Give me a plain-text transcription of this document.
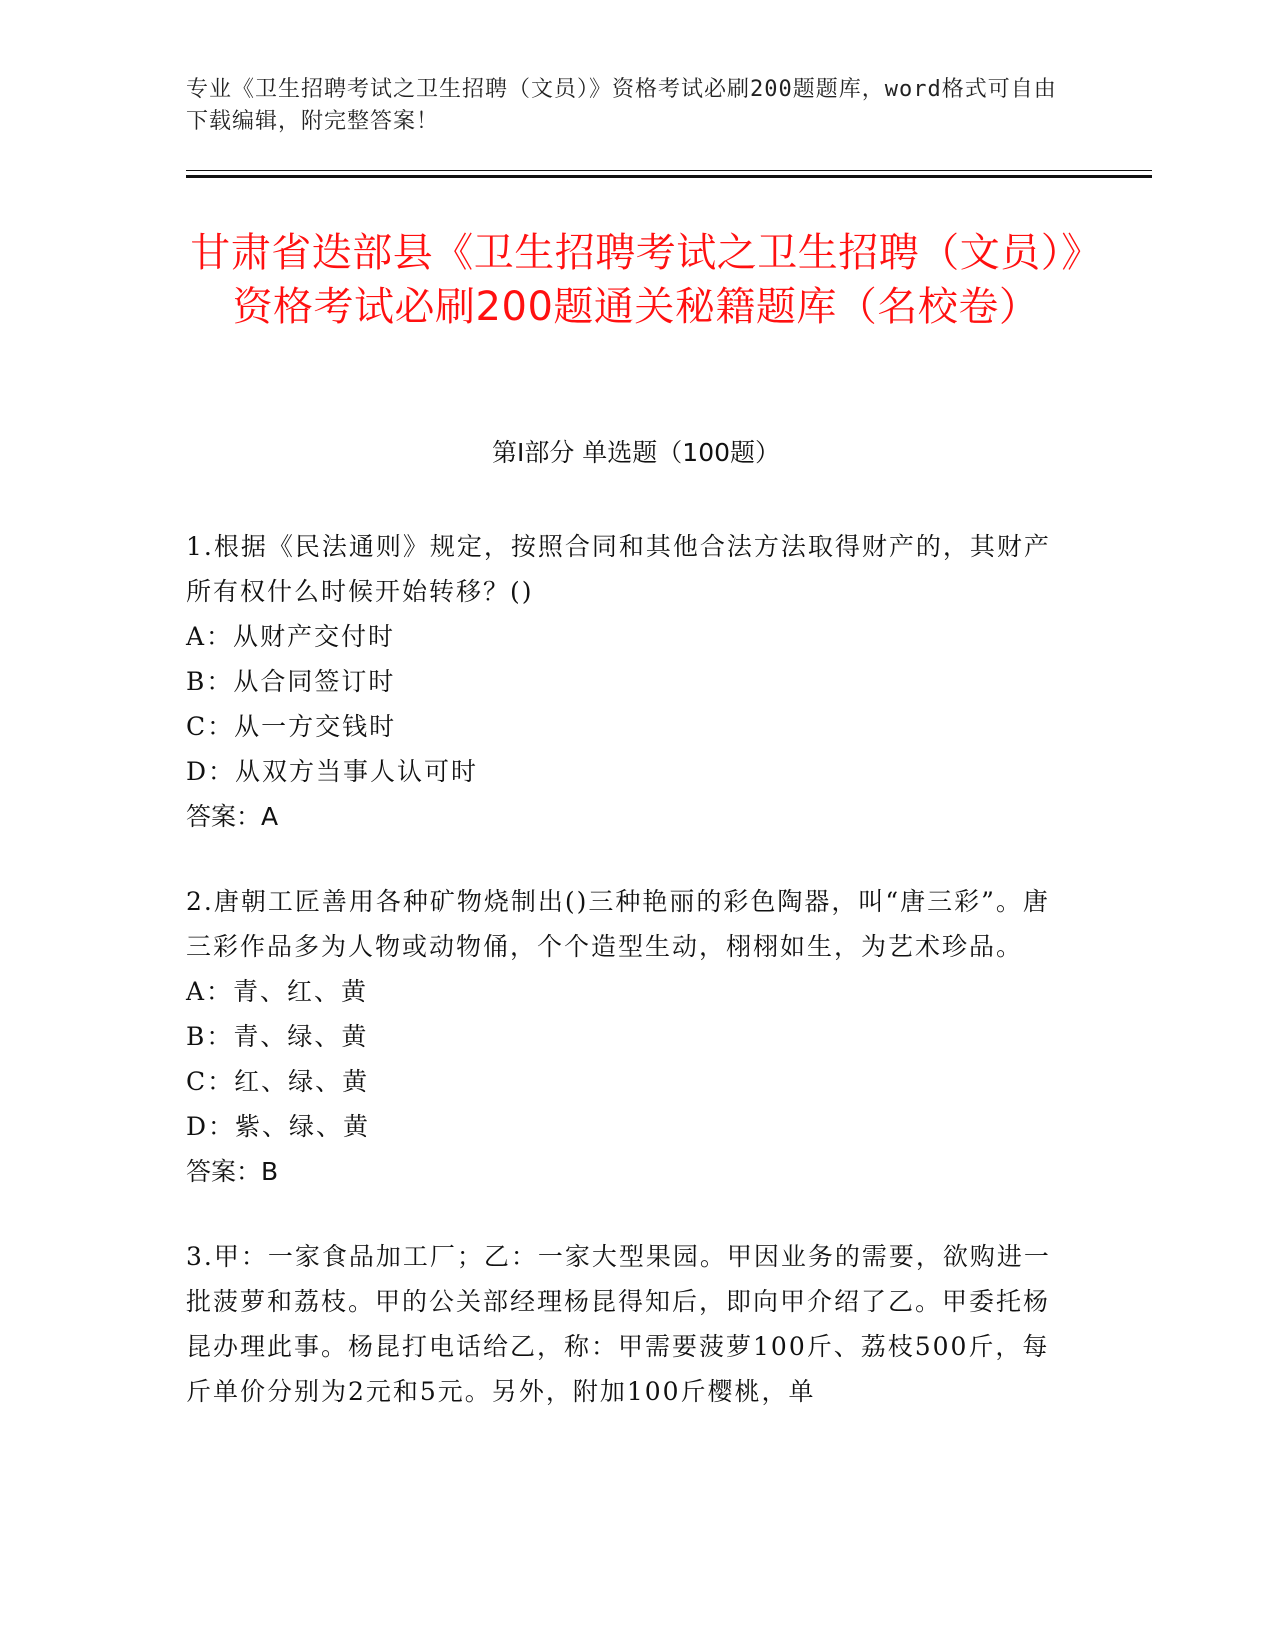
专业《卫生招聘考试之卫生招聘（文员）》资格考试必刷200题题库，word格式可自由下载编辑，附完整答案！
甘肃省迭部县《卫生招聘考试之卫生招聘（文员）》资格考试必刷200题通关秘籍题库（名校卷）
第Ⅰ部分 单选题（100题）

1.根据《民法通则》规定，按照合同和其他合法方法取得财产的，其财产所有权什么时候开始转移？()

A：从财产交付时

B：从合同签订时

C：从一方交钱时

D：从双方当事人认可时

答案：A

2.唐朝工匠善用各种矿物烧制出()三种艳丽的彩色陶器，叫“唐三彩”。唐三彩作品多为人物或动物俑，个个造型生动，栩栩如生，为艺术珍品。

A：青、红、黄

B：青、绿、黄

C：红、绿、黄

D：紫、绿、黄

答案：B

3.甲：一家食品加工厂；乙：一家大型果园。甲因业务的需要，欲购进一批菠萝和荔枝。甲的公关部经理杨昆得知后，即向甲介绍了乙。甲委托杨昆办理此事。杨昆打电话给乙，称：甲需要菠萝100斤、荔枝500斤，每斤单价分别为2元和5元。另外，附加100斤樱桃，单
